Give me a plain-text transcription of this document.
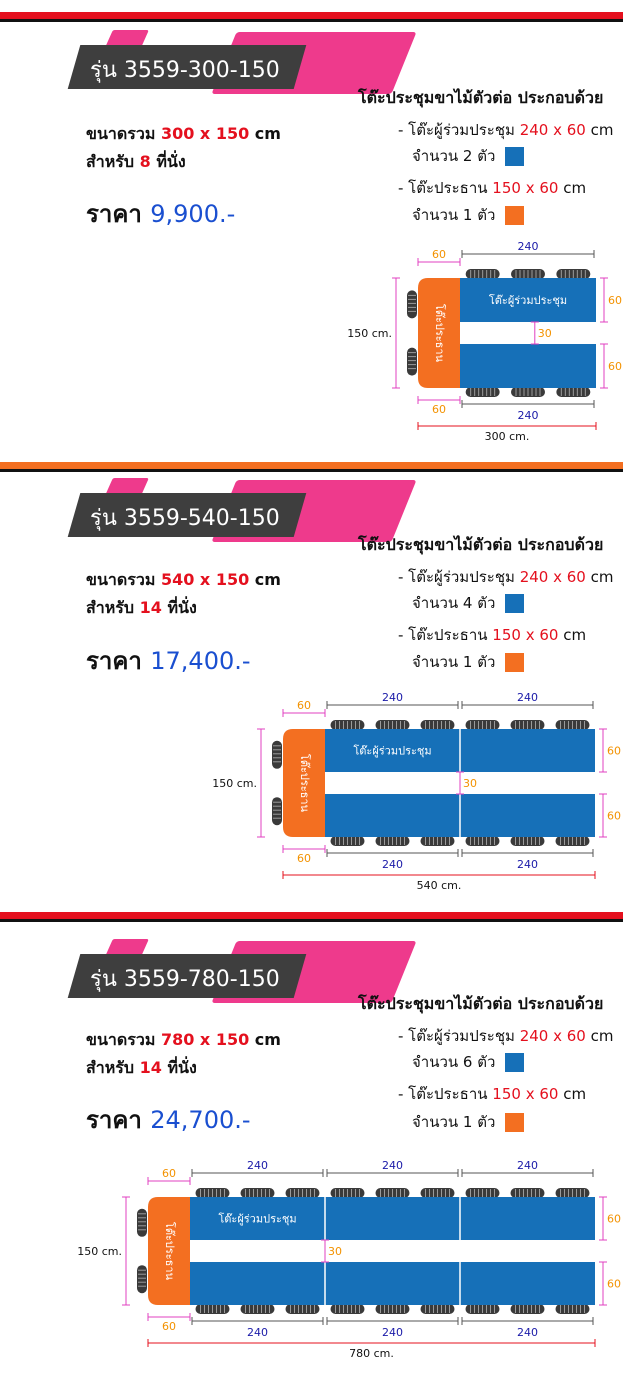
รุ่น 3559-300-150
ขนาดรวม 300 x 150 cm
สำหรับ 8 ที่นั่ง
ราคา 9,900.-
โต๊ะประชุมขาไม้ตัวต่อ ประกอบด้วย
- โต๊ะผู้ร่วมประชุม 240 x 60 cm
จำนวน 2 ตัว
- โต๊ะประธาน 150 x 60 cm
จำนวน 1 ตัว
โต๊ะผู้ร่วมประชุม
โต๊ะประธาน
60
240
60	240
300 cm.
150 cm.	30
60
60
รุ่น 3559-540-150
ขนาดรวม 540 x 150 cm
สำหรับ 14 ที่นั่ง
ราคา 17,400.-
โต๊ะประชุมขาไม้ตัวต่อ ประกอบด้วย
- โต๊ะผู้ร่วมประชุม 240 x 60 cm
จำนวน 4 ตัว
- โต๊ะประธาน 150 x 60 cm
จำนวน 1 ตัว
โต๊ะผู้ร่วมประชุม
โต๊ะประธาน
60
240	240
60	240	240
540 cm.
150 cm.	30
60
60
รุ่น 3559-780-150
ขนาดรวม 780 x 150 cm
สำหรับ 14 ที่นั่ง
ราคา 24,700.-
โต๊ะประชุมขาไม้ตัวต่อ ประกอบด้วย
- โต๊ะผู้ร่วมประชุม 240 x 60 cm
จำนวน 6 ตัว
- โต๊ะประธาน 150 x 60 cm
จำนวน 1 ตัว
โต๊ะผู้ร่วมประชุม
โต๊ะประธาน
60
240	240	240
60	240	240	240
780 cm.
150 cm.	30
60
60
